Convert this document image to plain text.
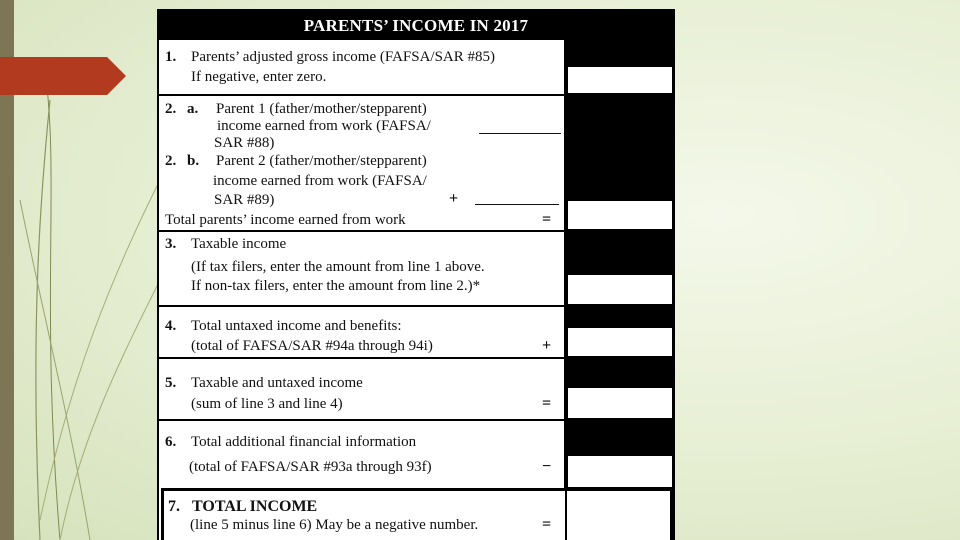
PARENTS’ INCOME IN 2017
1. Parents’ adjusted gross income (FAFSA/SAR #85)
If negative, enter zero.
2. a. Parent 1 (father/mother/stepparent)
income earned from work (FAFSA/
SAR #88)
2. b. Parent 2 (father/mother/stepparent)
income earned from work (FAFSA/
SAR #89)	+
Total parents’ income earned from work	=
3. Taxable income
(If tax filers, enter the amount from line 1 above.
If non-tax filers, enter the amount from line 2.)*
4. Total untaxed income and benefits:
(total of FAFSA/SAR #94a through 94i)	+
5. Taxable and untaxed income
(sum of line 3 and line 4)	=
6. Total additional financial information
(total of FAFSA/SAR #93a through 93f)	−
7. TOTAL INCOME
(line 5 minus line 6) May be a negative number.	=
